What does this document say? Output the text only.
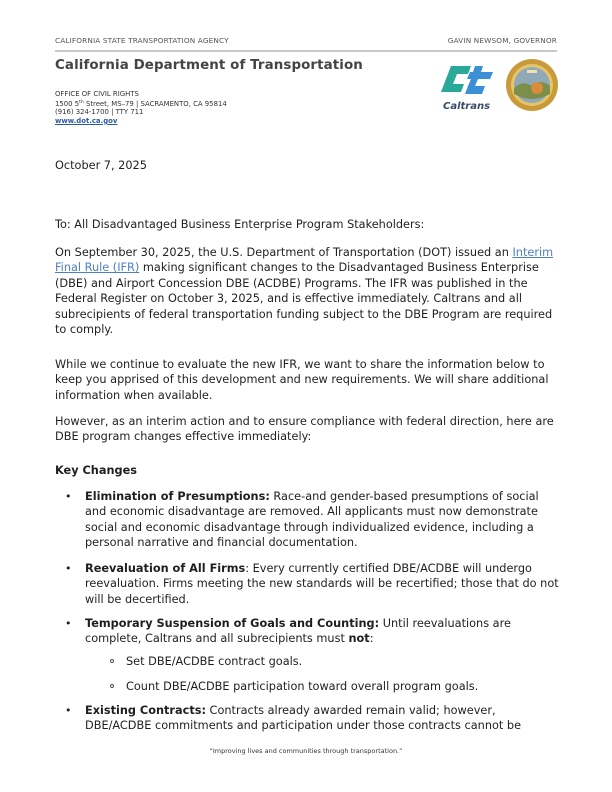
CALIFORNIA STATE TRANSPORTATION AGENCY	GAVIN NEWSOM, GOVERNOR
California Department of Transportation
OFFICE OF CIVIL RIGHTS
1500 5th Street, MS–79 | SACRAMENTO, CA 95814
(916) 324-1700 | TTY 711
www.dot.ca.gov
Caltrans
October 7, 2025
To: All Disadvantaged Business Enterprise Program Stakeholders:
On September 30, 2025, the U.S. Department of Transportation (DOT) issued an Interim Final Rule (IFR) making significant changes to the Disadvantaged Business Enterprise (DBE) and Airport Concession DBE (ACDBE) Programs. The IFR was published in the Federal Register on October 3, 2025, and is effective immediately. Caltrans and all subrecipients of federal transportation funding subject to the DBE Program are required to comply.
While we continue to evaluate the new IFR, we want to share the information below to keep you apprised of this development and new requirements. We will share additional information when available.
However, as an interim action and to ensure compliance with federal direction, here are DBE program changes effective immediately:
Key Changes
• Elimination of Presumptions: Race-and gender-based presumptions of social and economic disadvantage are removed. All applicants must now demonstrate social and economic disadvantage through individualized evidence, including a personal narrative and financial documentation.
• Reevaluation of All Firms: Every currently certified DBE/ACDBE will undergo reevaluation. Firms meeting the new standards will be recertified; those that do not will be decertified.
• Temporary Suspension of Goals and Counting: Until reevaluations are complete, Caltrans and all subrecipients must not:
Set DBE/ACDBE contract goals.
Count DBE/ACDBE participation toward overall program goals.
• Existing Contracts: Contracts already awarded remain valid; however, DBE/ACDBE commitments and participation under those contracts cannot be
“Improving lives and communities through transportation.”
